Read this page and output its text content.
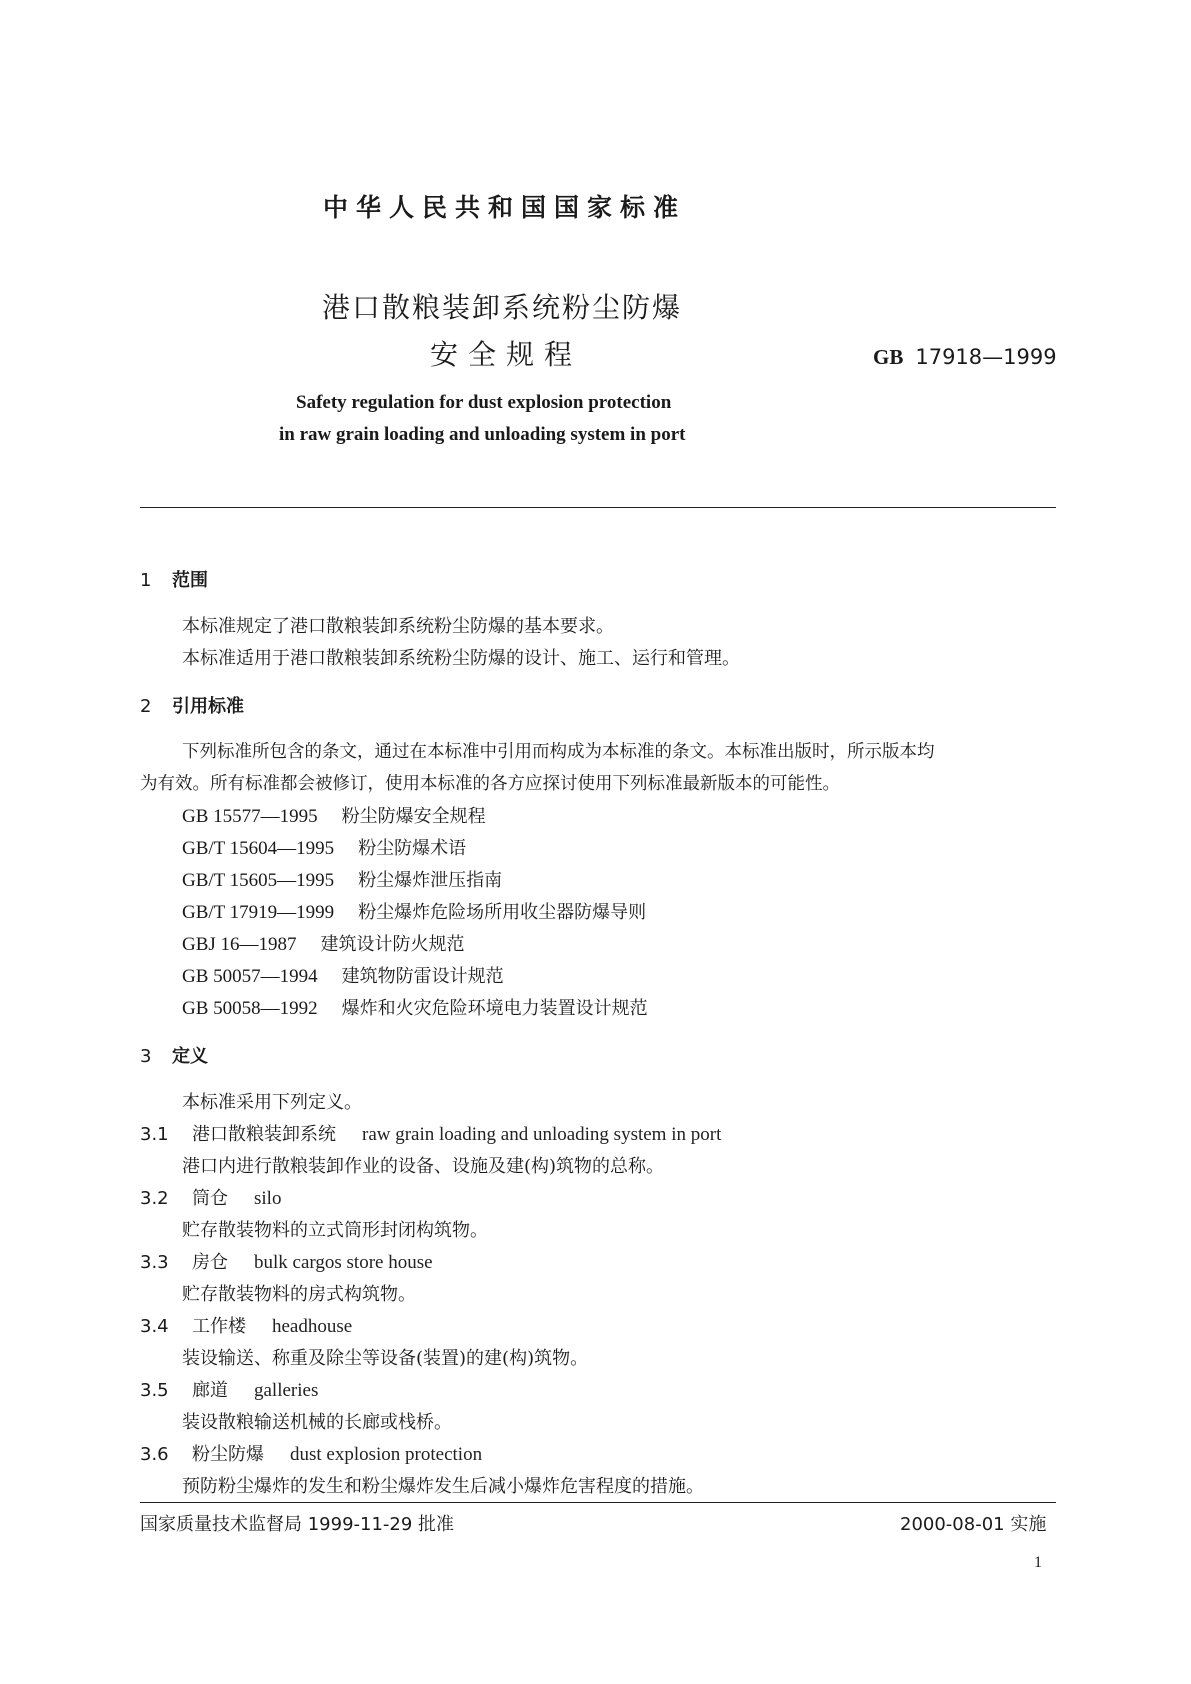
中华人民共和国国家标准
港口散粮装卸系统粉尘防爆
安全规程	GB 17918—1999
Safety regulation for dust explosion protection
in raw grain loading and unloading system in port
1 范围
本标准规定了港口散粮装卸系统粉尘防爆的基本要求。
本标准适用于港口散粮装卸系统粉尘防爆的设计、施工、运行和管理。
2 引用标准
下列标准所包含的条文，通过在本标准中引用而构成为本标准的条文。本标准出版时，所示版本均
为有效。所有标准都会被修订，使用本标准的各方应探讨使用下列标准最新版本的可能性。
GB 15577—1995 粉尘防爆安全规程
GB/T 15604—1995 粉尘防爆术语
GB/T 15605—1995 粉尘爆炸泄压指南
GB/T 17919—1999 粉尘爆炸危险场所用收尘器防爆导则
GBJ 16—1987 建筑设计防火规范
GB 50057—1994 建筑物防雷设计规范
GB 50058—1992 爆炸和火灾危险环境电力装置设计规范
3 定义
本标准采用下列定义。
3.1 港口散粮装卸系统 raw grain loading and unloading system in port
港口内进行散粮装卸作业的设备、设施及建(构)筑物的总称。
3.2 筒仓 silo
贮存散装物料的立式筒形封闭构筑物。
3.3 房仓 bulk cargos store house
贮存散装物料的房式构筑物。
3.4 工作楼 headhouse
装设输送、称重及除尘等设备(装置)的建(构)筑物。
3.5 廊道 galleries
装设散粮输送机械的长廊或栈桥。
3.6 粉尘防爆 dust explosion protection
预防粉尘爆炸的发生和粉尘爆炸发生后减小爆炸危害程度的措施。
国家质量技术监督局 1999-11-29 批准	2000-08-01 实施
1
